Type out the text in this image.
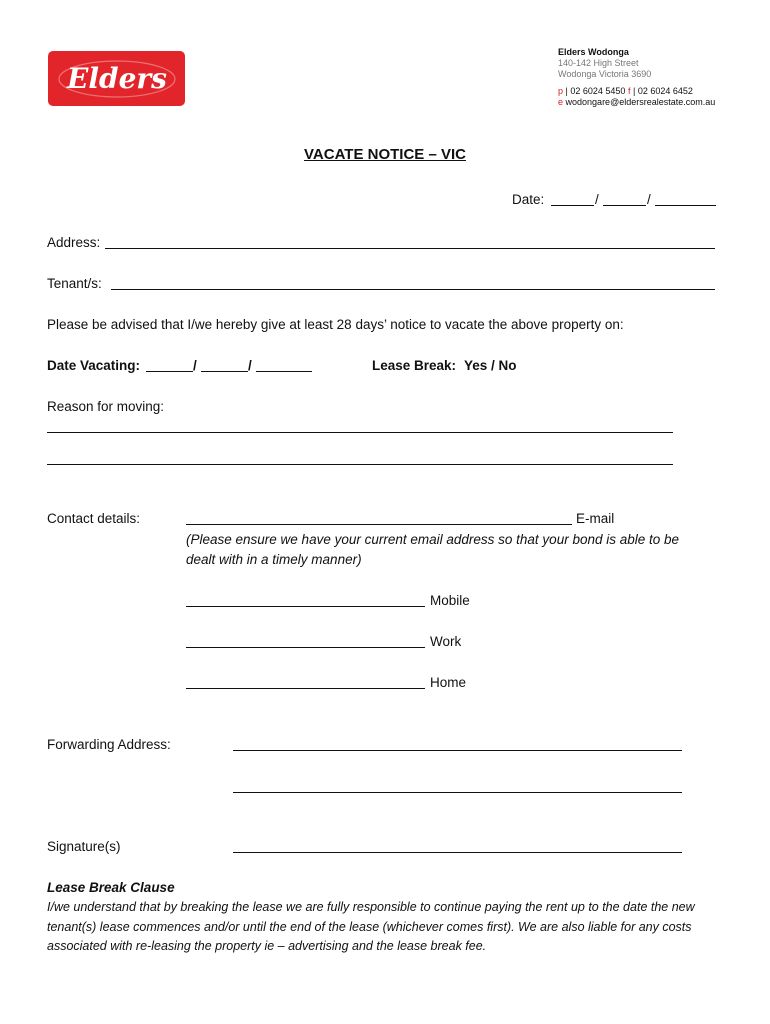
Elders
Elders Wodonga
140-142 High Street
Wodonga Victoria 3690
p | 02 6024 5450 f | 02 6024 6452
e wodongare@eldersrealestate.com.au
VACATE NOTICE – VIC
Date:	/	/
Address:
Tenant/s:
Please be advised that I/we hereby give at least 28 days’ notice to vacate the above property on:
Date Vacating:	/	/	Lease Break: Yes / No
Reason for moving:
Contact details:	E-mail
(Please ensure we have your current email address so that your bond is able to be
dealt with in a timely manner)
Mobile
Work
Home
Forwarding Address:
Signature(s)
Lease Break Clause
I/we understand that by breaking the lease we are fully responsible to continue paying the rent up to the date the new tenant(s) lease commences and/or until the end of the lease (whichever comes first). We are also liable for any costs associated with re-leasing the property ie – advertising and the lease break fee.
